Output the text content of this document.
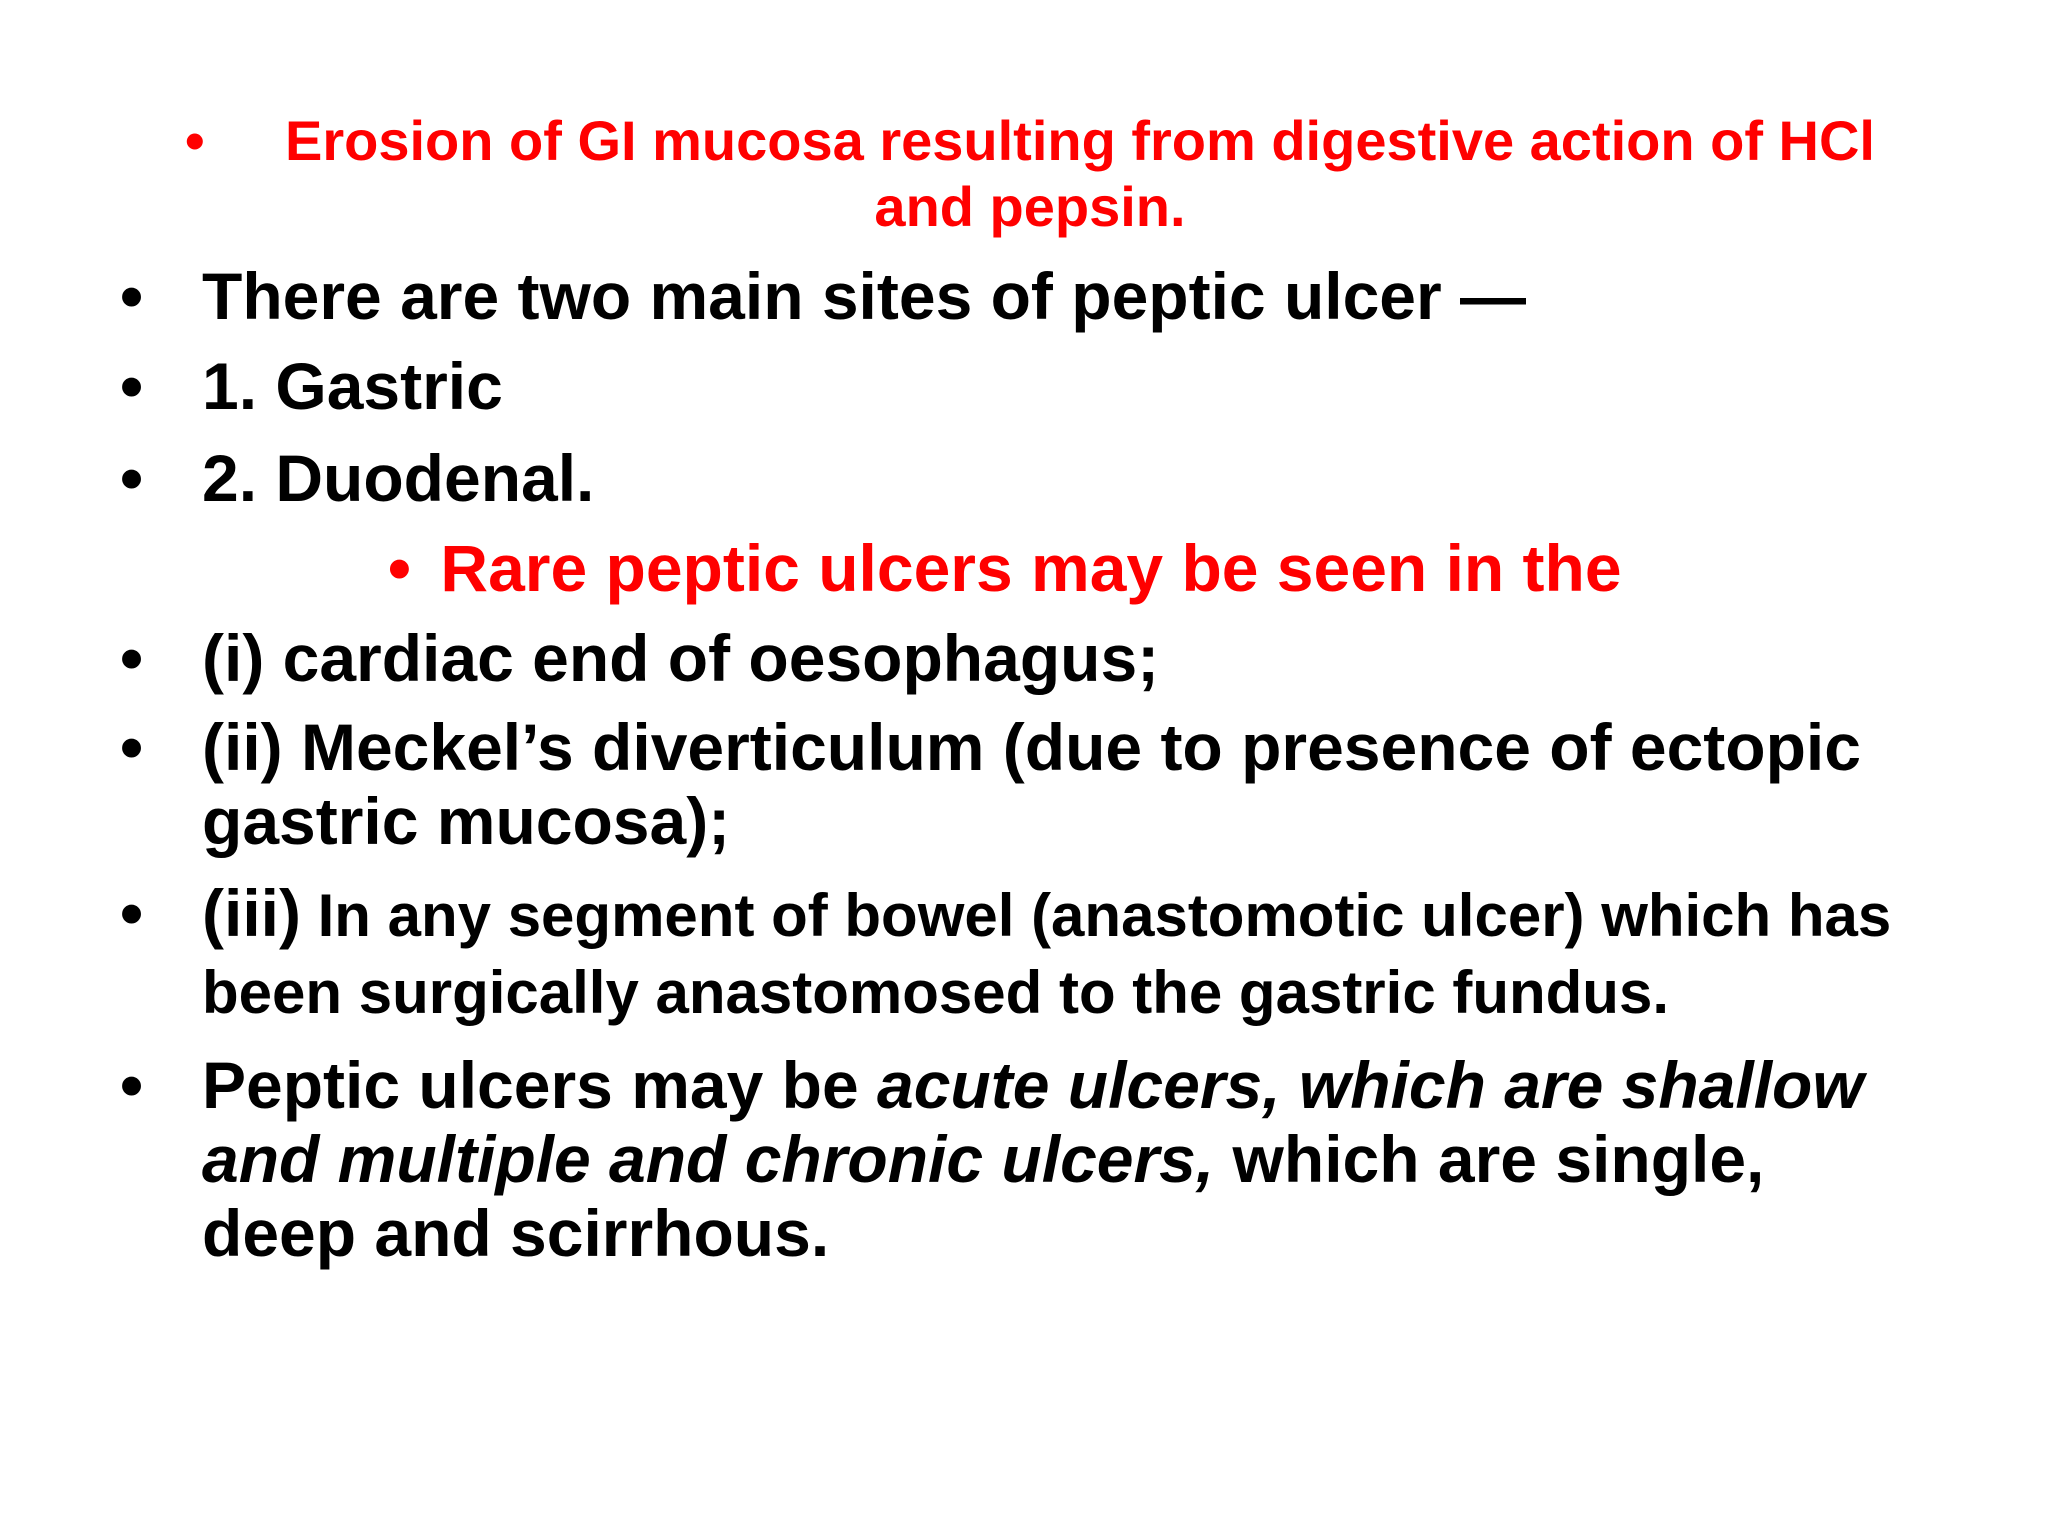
• Erosion of GI mucosa resulting from digestive action of HCl and pepsin.
• There are two main sites of peptic ulcer —
• 1. Gastric
• 2. Duodenal.
• Rare peptic ulcers may be seen in the
• (i) cardiac end of oesophagus;
• (ii) Meckel’s diverticulum (due to presence of ectopic gastric mucosa);
• (iii) In any segment of bowel (anastomotic ulcer) which has been surgically anastomosed to the gastric fundus.
• Peptic ulcers may be acute ulcers, which are shallow and multiple and chronic ulcers, which are single, deep and scirrhous.
